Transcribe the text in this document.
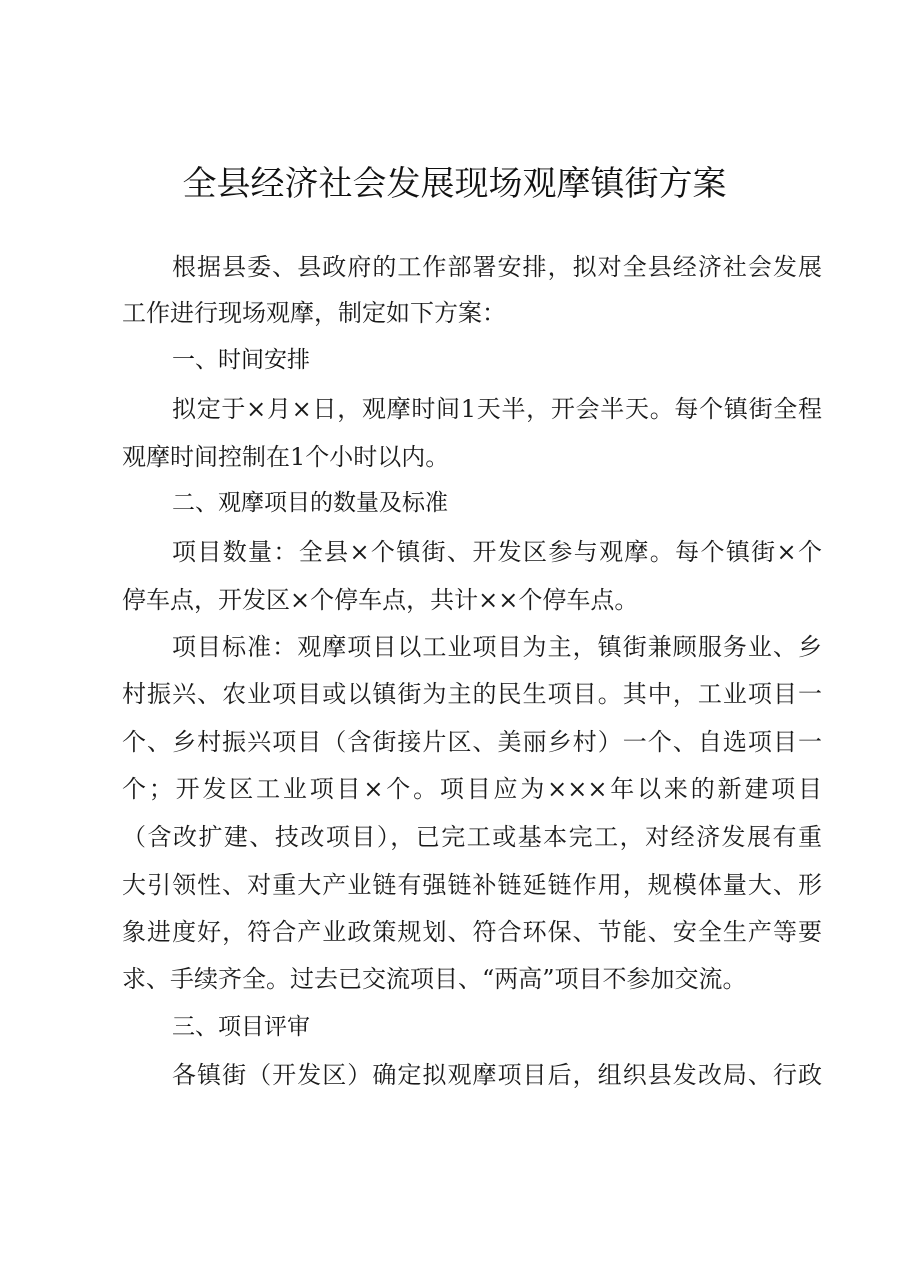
全县经济社会发展现场观摩镇街方案
根据县委、县政府的工作部署安排，拟对全县经济社会发展
工作进行现场观摩，制定如下方案：
一、时间安排
拟定于×月×日，观摩时间1天半，开会半天。每个镇街全程
观摩时间控制在1个小时以内。
二、观摩项目的数量及标准
项目数量：全县×个镇街、开发区参与观摩。每个镇街×个
停车点，开发区×个停车点，共计××个停车点。
项目标准：观摩项目以工业项目为主，镇街兼顾服务业、乡
村振兴、农业项目或以镇街为主的民生项目。其中，工业项目一
个、乡村振兴项目（含街接片区、美丽乡村）一个、自选项目一
个；开发区工业项目×个。项目应为×××年以来的新建项目
（含改扩建、技改项目），已完工或基本完工，对经济发展有重
大引领性、对重大产业链有强链补链延链作用，规模体量大、形
象进度好，符合产业政策规划、符合环保、节能、安全生产等要
求、手续齐全。过去已交流项目、“两高”项目不参加交流。
三、项目评审
各镇街（开发区）确定拟观摩项目后，组织县发改局、行政
